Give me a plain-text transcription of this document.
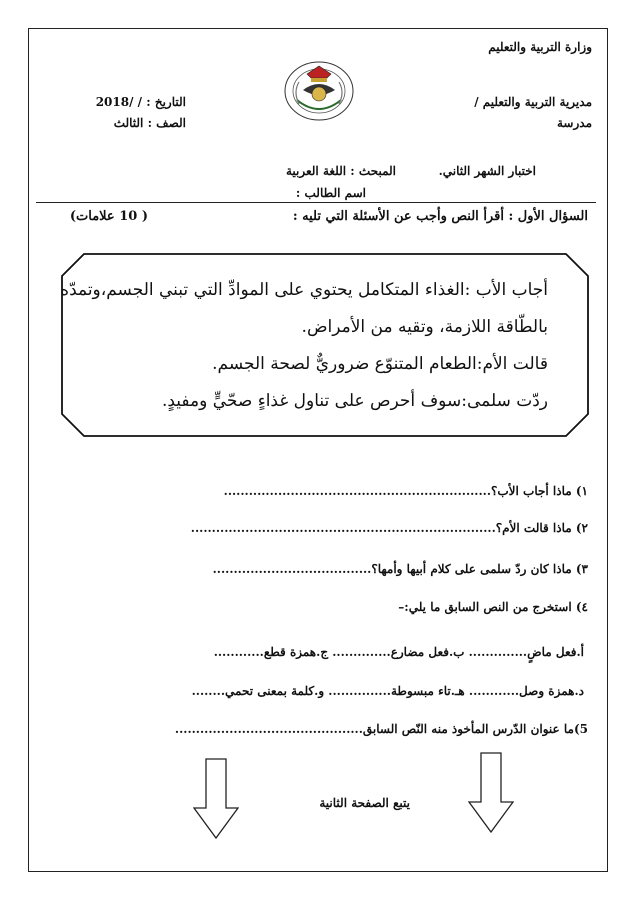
وزارة التربية والتعليم
مديرية التربية والتعليم /
مدرسة
التاريخ : / /2018
الصف : الثالث
اختبار الشهر الثاني.
المبحث : اللغة العربية
اسم الطالب :
السؤال الأول : أقرأ النص وأجب عن الأسئلة التي تليه :
( 10 علامات)
أجاب الأب :الغذاء المتكامل يحتوي على الموادِّ التي تبني الجسم،وتمدّه
بالطّاقة اللازمة، وتقيه من الأمراض.
قالت الأم:الطعام المتنوّع ضروريٌّ لصحة الجسم.
ردّت سلمى:سوف أحرص على تناول غذاءٍ صحّيٍّ ومفيدٍ.
١) ماذا أجاب الأب؟................................................................
٢) ماذا قالت الأم؟.........................................................................
٣) ماذا كان ردّ سلمى على كلام أبيها وأمها؟......................................
٤) استخرج من النص السابق ما يلي:–
أ.فعل ماضٍ.............. ب.فعل مضارع.............. ج.همزة قطع............
د.همزة وصل............ هـ.تاء مبسوطة............... و.كلمة بمعنى تحمي........
5)ما عنوان الدّرس المأخوذ منه النّص السابق.............................................
يتبع الصفحة الثانية
